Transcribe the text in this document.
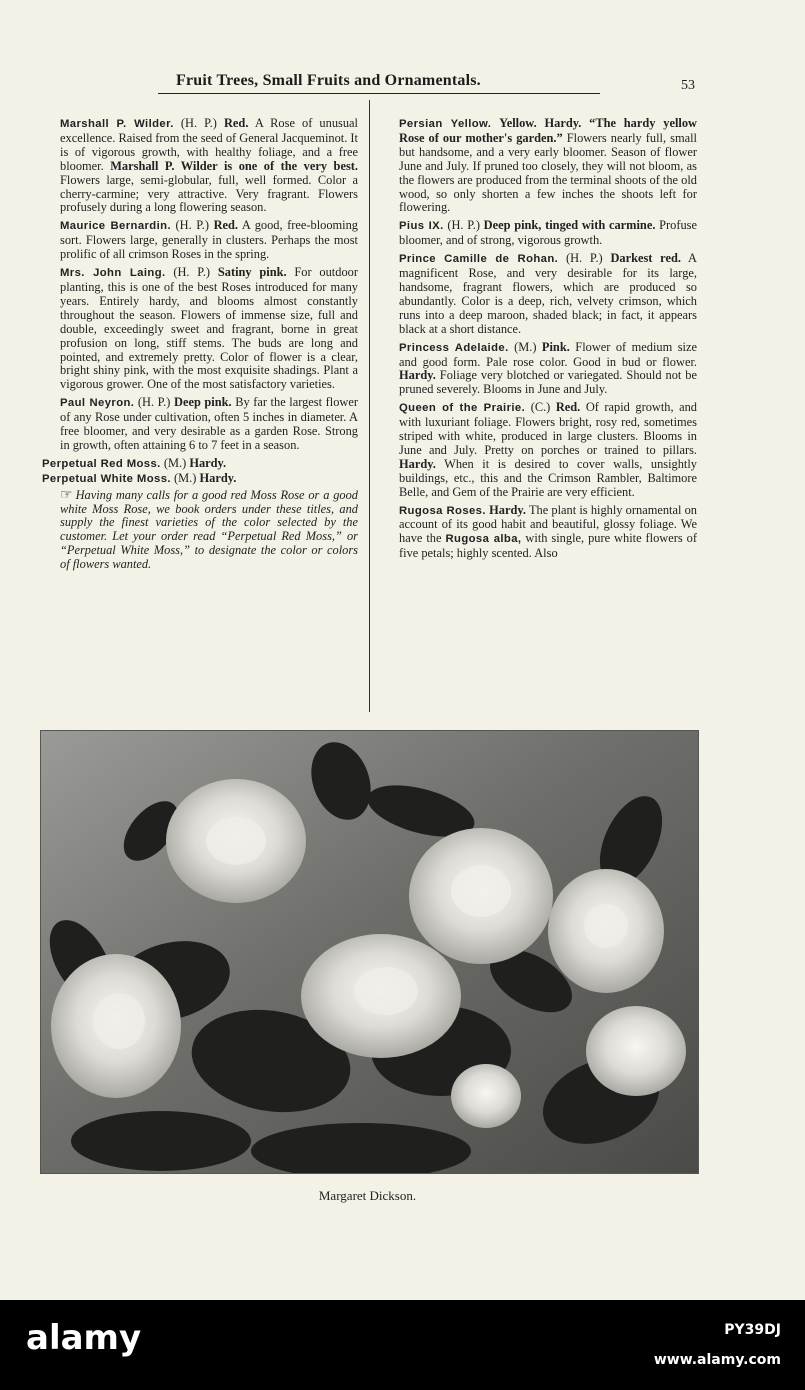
Fruit Trees, Small Fruits and Ornamentals.	53

Marshall P. Wilder. (H. P.) Red. A Rose of unusual excellence. Raised from the seed of General Jacqueminot. It is of vigorous growth, with healthy foliage, and a free bloomer. Marshall P. Wilder is one of the very best. Flowers large, semi-globular, full, well formed. Color a cherry-carmine; very attractive. Very fragrant. Flowers profusely during a long flowering season.

Maurice Bernardin. (H. P.) Red. A good, free-blooming sort. Flowers large, generally in clusters. Perhaps the most prolific of all crimson Roses in the spring.

Mrs. John Laing. (H. P.) Satiny pink. For outdoor planting, this is one of the best Roses introduced for many years. Entirely hardy, and blooms almost constantly throughout the season. Flowers of immense size, full and double, exceedingly sweet and fragrant, borne in great profusion on long, stiff stems. The buds are long and pointed, and extremely pretty. Color of flower is a clear, bright shiny pink, with the most exquisite shadings. Plant a vigorous grower. One of the most satisfactory varieties.

Paul Neyron. (H. P.) Deep pink. By far the largest flower of any Rose under cultivation, often 5 inches in diameter. A free bloomer, and very desirable as a garden Rose. Strong in growth, often attaining 6 to 7 feet in a season.

Perpetual Red Moss. (M.) Hardy.

Perpetual White Moss. (M.) Hardy.

☞ Having many calls for a good red Moss Rose or a good white Moss Rose, we book orders under these titles, and supply the finest varieties of the color selected by the customer. Let your order read “Perpetual Red Moss,” or “Perpetual White Moss,” to designate the color or colors of flowers wanted.

Persian Yellow. Yellow. Hardy. “The hardy yellow Rose of our mother's garden.” Flowers nearly full, small but handsome, and a very early bloomer. Season of flower June and July. If pruned too closely, they will not bloom, as the flowers are produced from the terminal shoots of the old wood, so only shorten a few inches the shoots left for flowering.

Pius IX. (H. P.) Deep pink, tinged with carmine. Profuse bloomer, and of strong, vigorous growth.

Prince Camille de Rohan. (H. P.) Darkest red. A magnificent Rose, and very desirable for its large, handsome, fragrant flowers, which are produced so abundantly. Color is a deep, rich, velvety crimson, which runs into a deep maroon, shaded black; in fact, it appears black at a short distance.

Princess Adelaide. (M.) Pink. Flower of medium size and good form. Pale rose color. Good in bud or flower. Hardy. Foliage very blotched or variegated. Should not be pruned severely. Blooms in June and July.

Queen of the Prairie. (C.) Red. Of rapid growth, and with luxuriant foliage. Flowers bright, rosy red, sometimes striped with white, produced in large clusters. Blooms in June and July. Pretty on porches or trained to pillars. Hardy. When it is desired to cover walls, unsightly buildings, etc., this and the Crimson Rambler, Baltimore Belle, and Gem of the Prairie are very efficient.

Rugosa Roses. Hardy. The plant is highly ornamental on account of its good habit and beautiful, glossy foliage. We have the Rugosa alba, with single, pure white flowers of five petals; highly scented. Also

Margaret Dickson.
alamy	PY39DJ
www.alamy.com
